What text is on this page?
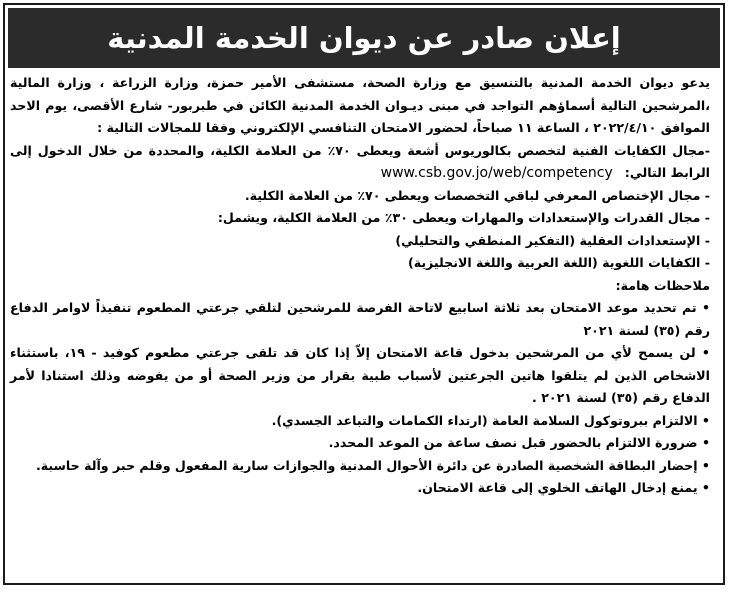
إعلان صادر عن ديوان الخدمة المدنية

يدعو ديوان الخدمة المدنية بالتنسيق مع وزارة الصحة، مستشفى الأمير حمزة، وزارة الزراعة ، وزارة المالية ،المرشحين التالية أسماؤهم التواجد في مبنى ديـوان الخدمة المدنية الكائن في طبربور- شارع الأقصى، يوم الاحد الموافق ٢٠٢٢/٤/١٠ ، الساعة ١١ صباحاً، لحضور الامتحان التنافسي الإلكتروني وفقا للمجالات التالية :

-مجال الكفايات الفنية لتخصص بكالوريوس أشعة ويعطى ٧٠٪ من العلامة الكلية، والمحددة من خلال الدخول إلى الرابط التالي:www.csb.gov.jo/web/competency

- مجال الإختصاص المعرفي لباقي التخصصات ويعطى ٧٠٪ من العلامة الكلية.

- مجال القدرات والإستعدادات والمهارات ويعطى ٣٠٪ من العلامة الكلية، ويشمل:

- الإستعدادات العقلية (التفكير المنطقي والتحليلي)

- الكفايات اللغوية (اللغة العربية واللغة الانجليزية)

ملاحظات هامة:

• تم تحديد موعد الامتحان بعد ثلاثة اسابيع لاتاحة الفرصة للمرشحين لتلقي جرعتي المطعوم تنفيذاً لاوامر الدفاع رقم (٣٥) لسنة ٢٠٢١

• لن يسمح لأي من المرشحين بدخول قاعة الامتحان إلاّ إذا كان قد تلقى جرعتي مطعوم كوفيد - ١٩، باستثناء الاشخاص الذين لم يتلقوا هاتين الجرعتين لأسباب طبية بقرار من وزير الصحة أو من يفوضه وذلك استنادا لأمر الدفاع رقم (٣٥) لسنة ٢٠٢١ .

• الالتزام ببروتوكول السلامة العامة (ارتداء الكمامات والتباعد الجسدي).

• ضرورة الالتزام بالحضور قبل نصف ساعة من الموعد المحدد.

• إحضار البطاقة الشخصية الصادرة عن دائرة الأحوال المدنية والجوازات سارية المفعول وقلم حبر وآلة حاسبة.

• يمنع إدخال الهاتف الخلوي إلى قاعة الامتحان.
